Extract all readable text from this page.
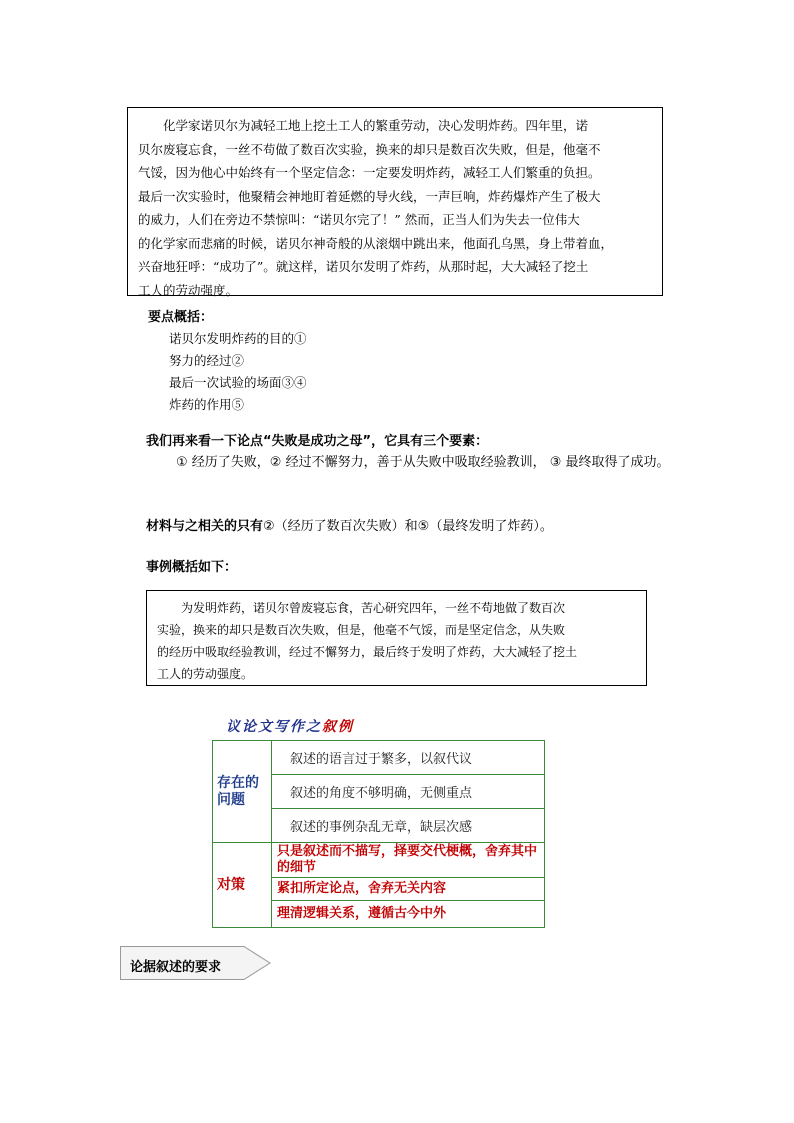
化学家诺贝尔为减轻工地上挖土工人的繁重劳动，决心发明炸药。四年里，诺

贝尔废寝忘食，一丝不苟做了数百次实验，换来的却只是数百次失败，但是，他毫不
气馁，因为他心中始终有一个坚定信念：一定要发明炸药，减轻工人们繁重的负担。
最后一次实验时，他聚精会神地盯着延燃的导火线，一声巨响，炸药爆炸产生了极大
的威力，人们在旁边不禁惊叫：“诺贝尔完了！” 然而，正当人们为失去一位伟大
的化学家而悲痛的时候，诺贝尔神奇般的从滚烟中跳出来，他面孔乌黑，身上带着血，
兴奋地狂呼：“成功了”。就这样，诺贝尔发明了炸药，从那时起，大大减轻了挖土
工人的劳动强度。
要点概括：
诺贝尔发明炸药的目的①
努力的经过②
最后一次试验的场面③④
炸药的作用⑤
我们再来看一下论点“失败是成功之母”，它具有三个要素：

① 经历了失败，② 经过不懈努力，善于从失败中吸取经验教训， ③ 最终取得了成功。

材料与之相关的只有②（经历了数百次失败）和⑤（最终发明了炸药）。
事例概括如下：

为发明炸药，诺贝尔曾废寝忘食，苦心研究四年，一丝不苟地做了数百次

实验，换来的却只是数百次失败，但是，他毫不气馁，而是坚定信念，从失败
的经历中吸取经验教训，经过不懈努力，最后终于发明了炸药，大大减轻了挖土
工人的劳动强度。
议论文写作之叙例
存在的问题	叙述的语言过于繁多，以叙代议
	叙述的角度不够明确，无侧重点
	叙述的事例杂乱无章，缺层次感
对策	只是叙述而不描写，择要交代梗概，舍弃其中的细节
	紧扣所定论点，舍弃无关内容
	理清逻辑关系，遵循古今中外
论据叙述的要求
